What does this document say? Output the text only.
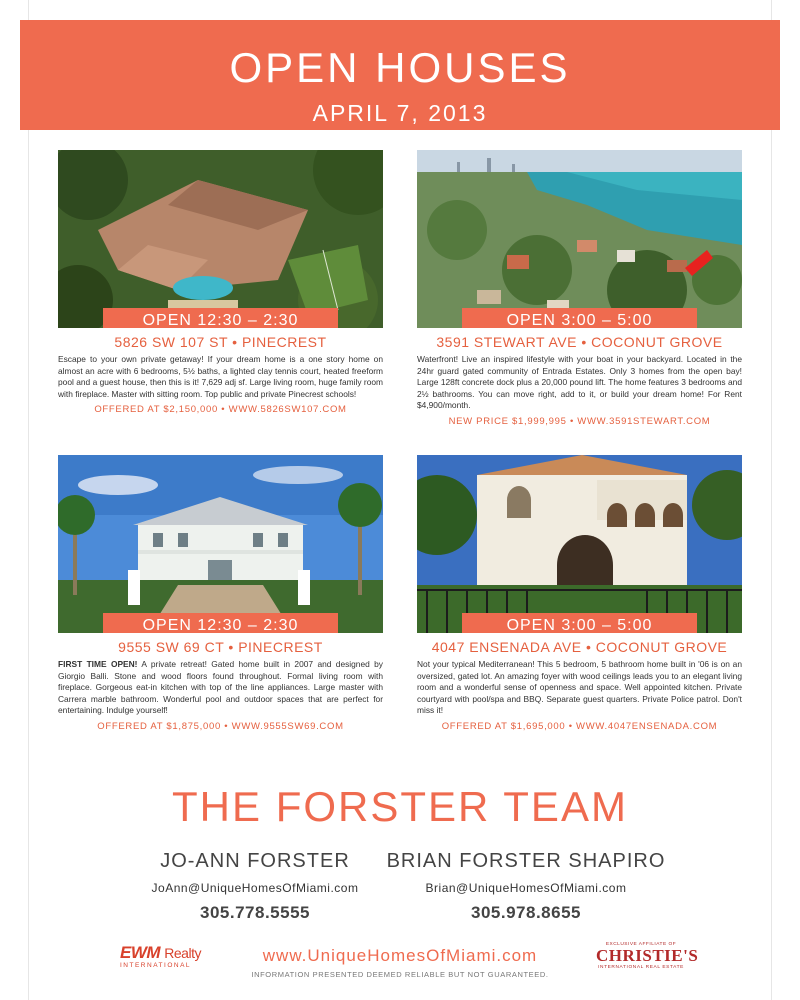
OPEN HOUSES
APRIL 7, 2013
OPEN 12:30 – 2:30
5826 SW 107 ST • PINECREST
Escape to your own private getaway! If your dream home is a one story home on almost an acre with 6 bedrooms, 5½ baths, a lighted clay tennis court, heated freeform pool and a guest house, then this is it! 7,629 adj sf. Large living room, huge family room with fireplace. Master with sitting room. Top public and private Pinecrest schools!
OFFERED AT $2,150,000 • WWW.5826SW107.COM
OPEN 3:00 – 5:00
3591 STEWART AVE • COCONUT GROVE
Waterfront! Live an inspired lifestyle with your boat in your backyard. Located in the 24hr guard gated community of Entrada Estates. Only 3 homes from the open bay! Large 128ft concrete dock plus a 20,000 pound lift. The home features 3 bedrooms and 2½ bathrooms. You can move right, add to it, or build your dream home! For Rent $4,900/month.
NEW PRICE $1,999,995 • WWW.3591STEWART.COM
OPEN 12:30 – 2:30
9555 SW 69 CT • PINECREST
FIRST TIME OPEN! A private retreat! Gated home built in 2007 and designed by Giorgio Balli. Stone and wood floors found throughout. Formal living room with fireplace. Gorgeous eat-in kitchen with top of the line appliances. Large master with Carrera marble bathroom. Wonderful pool and outdoor spaces that are perfect for entertaining. Indulge yourself!
OFFERED AT $1,875,000 • WWW.9555SW69.COM
OPEN 3:00 – 5:00
4047 ENSENADA AVE • COCONUT GROVE
Not your typical Mediterranean! This 5 bedroom, 5 bathroom home built in '06 is on an oversized, gated lot. An amazing foyer with wood ceilings leads you to an elegant living room and a wonderful sense of openness and space. Well appointed kitchen. Private courtyard with pool/spa and BBQ. Separate guest quarters. Private Police patrol. Don't miss it!
OFFERED AT $1,695,000 • WWW.4047ENSENADA.COM
THE FORSTER TEAM
JO-ANN FORSTER
JoAnn@UniqueHomesOfMiami.com
305.778.5555
BRIAN FORSTER SHAPIRO
Brian@UniqueHomesOfMiami.com
305.978.8655
EWM Realty
INTERNATIONAL
www.UniqueHomesOfMiami.com
INFORMATION PRESENTED DEEMED RELIABLE BUT NOT GUARANTEED.
EXCLUSIVE AFFILIATE OF
CHRISTIE'S
INTERNATIONAL REAL ESTATE
